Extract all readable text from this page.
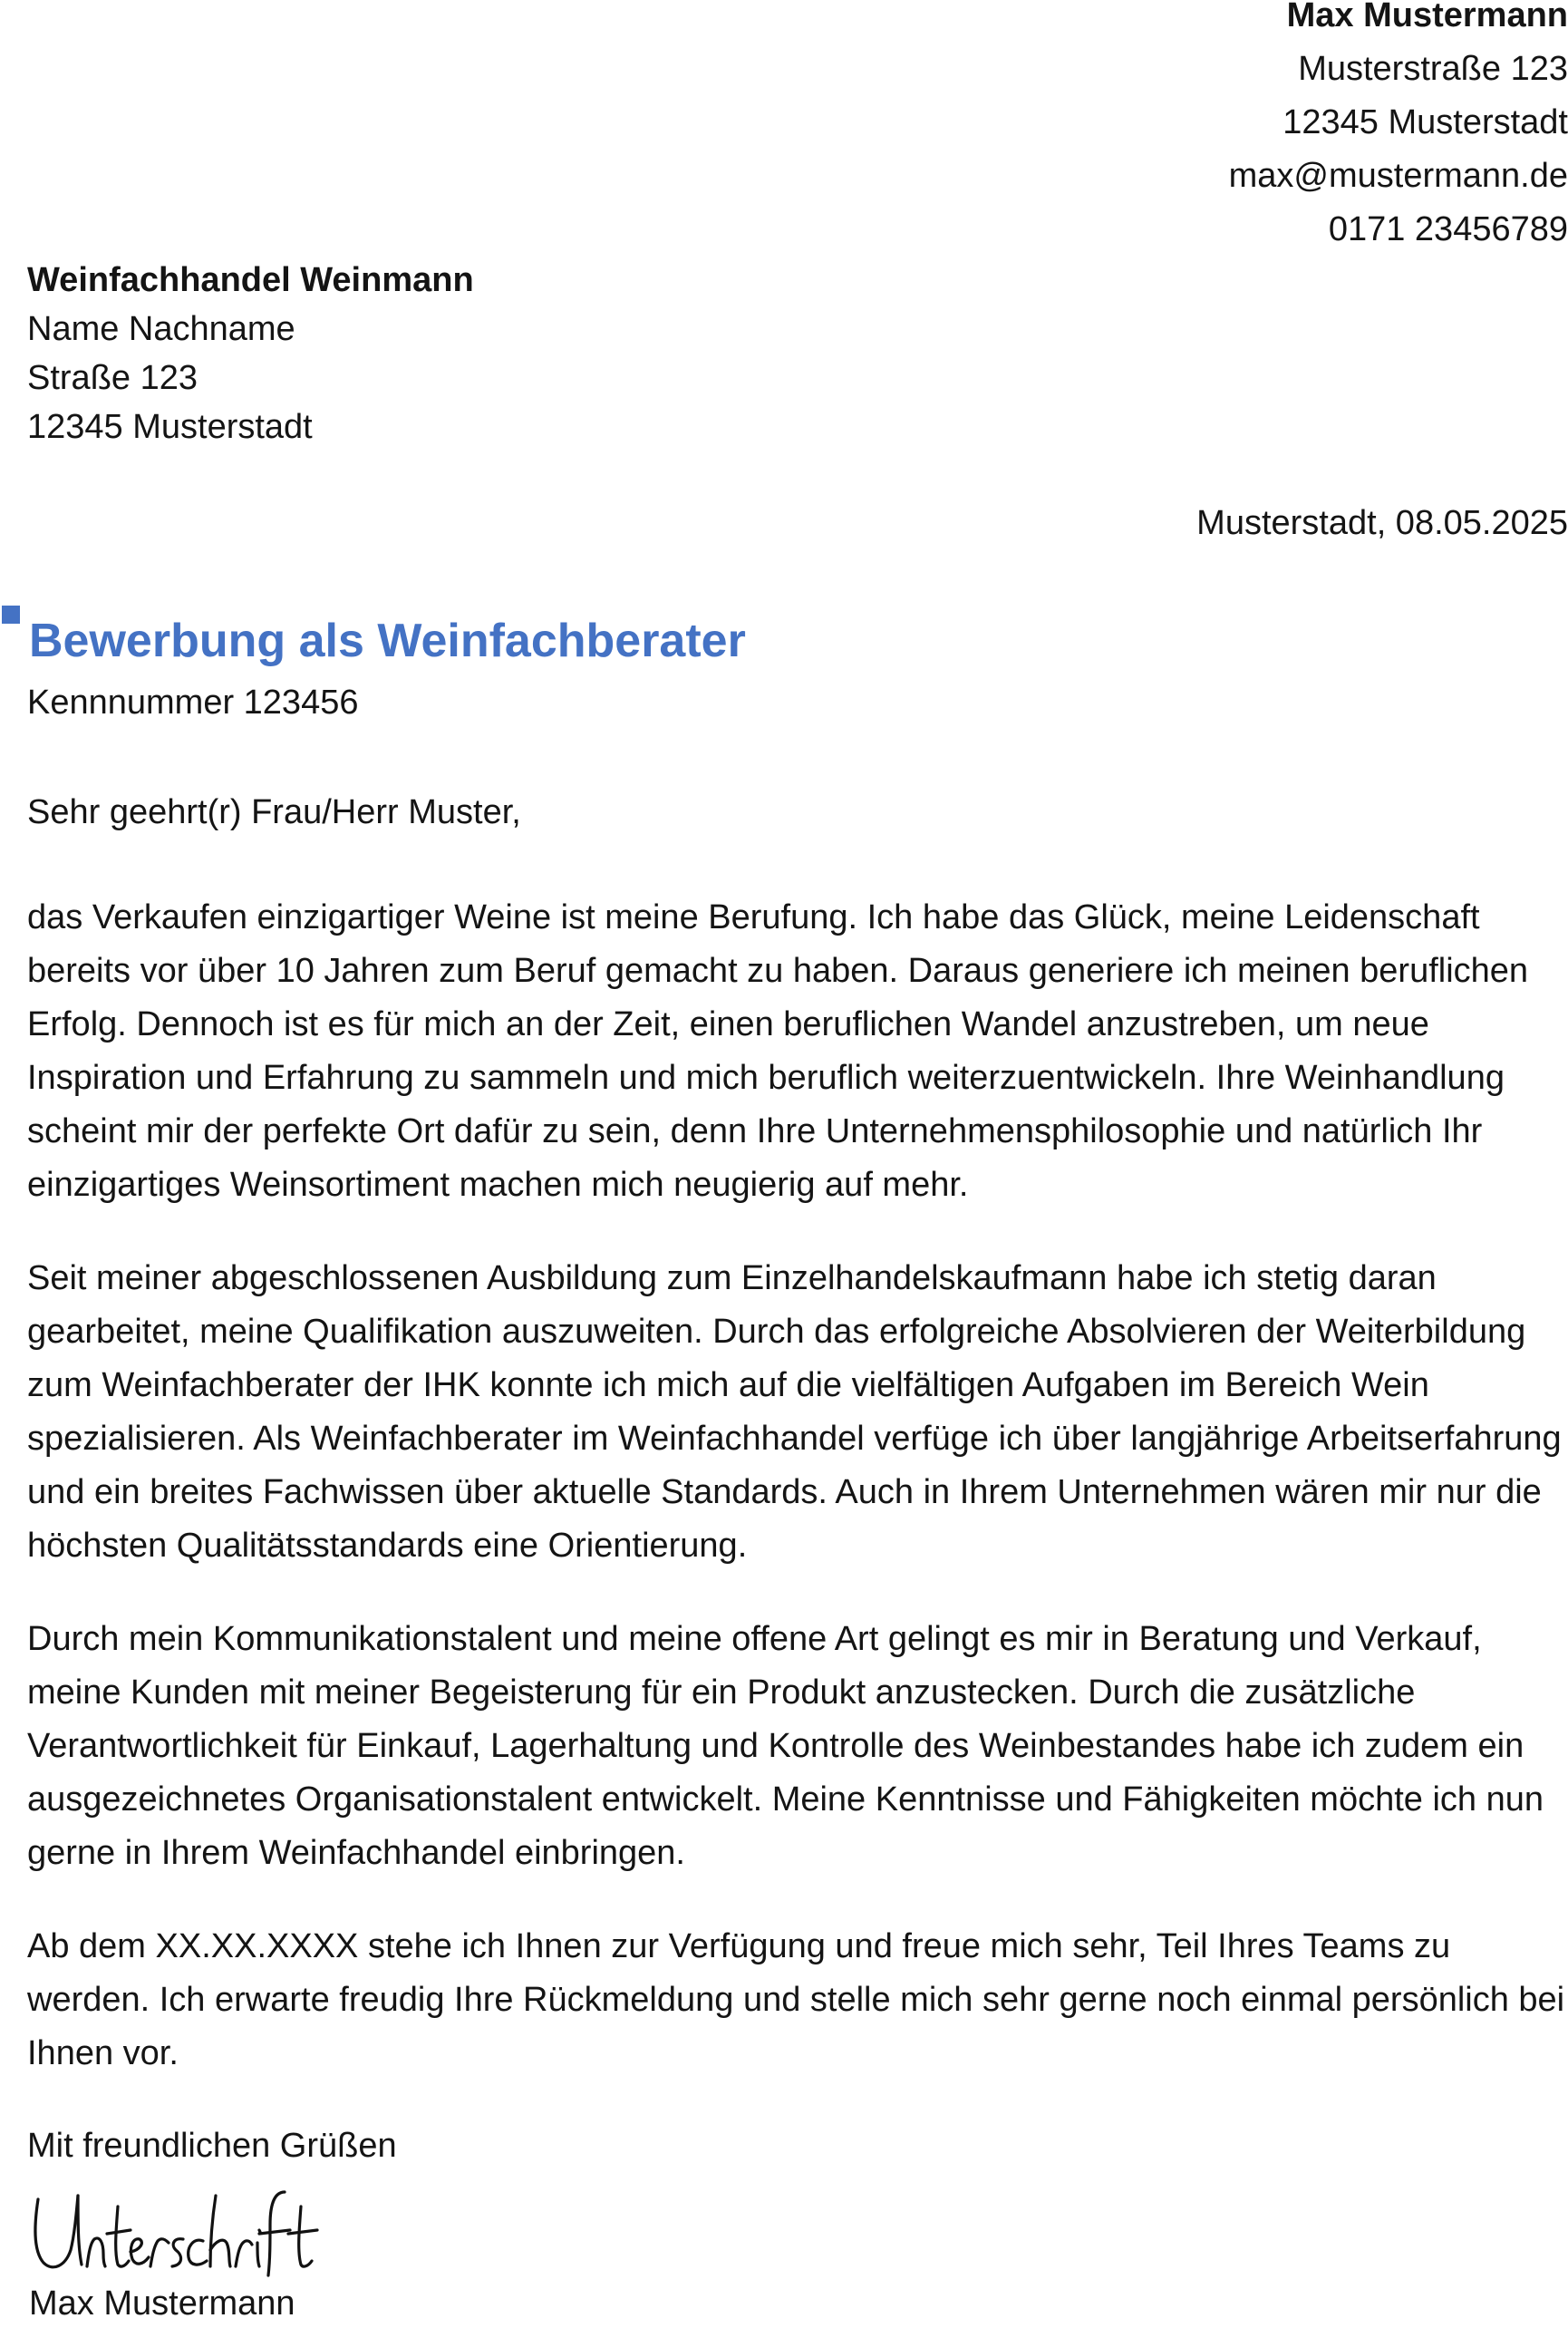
Max Mustermann
Musterstraße 123
12345 Musterstadt
max@mustermann.de
0171 23456789
Weinfachhandel Weinmann
Name Nachname
Straße 123
12345 Musterstadt
Musterstadt, 08.05.2025
Bewerbung als Weinfachberater
Kennnummer 123456
Sehr geehrt(r) Frau/Herr Muster,

das Verkaufen einzigartiger Weine ist meine Berufung. Ich habe das Glück, meine Leidenschaft bereits vor über 10 Jahren zum Beruf gemacht zu haben. Daraus generiere ich meinen beruflichen Erfolg. Dennoch ist es für mich an der Zeit, einen beruflichen Wandel anzustreben, um neue Inspiration und Erfahrung zu sammeln und mich beruflich weiterzuentwickeln. Ihre Weinhandlung scheint mir der perfekte Ort dafür zu sein, denn Ihre Unternehmensphilosophie und natürlich Ihr einzigartiges Weinsortiment machen mich neugierig auf mehr.

Seit meiner abgeschlossenen Ausbildung zum Einzelhandelskaufmann habe ich stetig daran gearbeitet, meine Qualifikation auszuweiten. Durch das erfolgreiche Absolvieren der Weiterbildung zum Weinfachberater der IHK konnte ich mich auf die vielfältigen Aufgaben im Bereich Wein spezialisieren. Als Weinfachberater im Weinfachhandel verfüge ich über langjährige Arbeitserfahrung und ein breites Fachwissen über aktuelle Standards. Auch in Ihrem Unternehmen wären mir nur die höchsten Qualitätsstandards eine Orientierung.

Durch mein Kommunikationstalent und meine offene Art gelingt es mir in Beratung und Verkauf, meine Kunden mit meiner Begeisterung für ein Produkt anzustecken. Durch die zusätzliche Verantwortlichkeit für Einkauf, Lagerhaltung und Kontrolle des Weinbestandes habe ich zudem ein ausgezeichnetes Organisationstalent entwickelt. Meine Kenntnisse und Fähigkeiten möchte ich nun gerne in Ihrem Weinfachhandel einbringen.

Ab dem XX.XX.XXXX stehe ich Ihnen zur Verfügung und freue mich sehr, Teil Ihres Teams zu werden. Ich erwarte freudig Ihre Rückmeldung und stelle mich sehr gerne noch einmal persönlich bei Ihnen vor.

Mit freundlichen Grüßen
Max Mustermann
